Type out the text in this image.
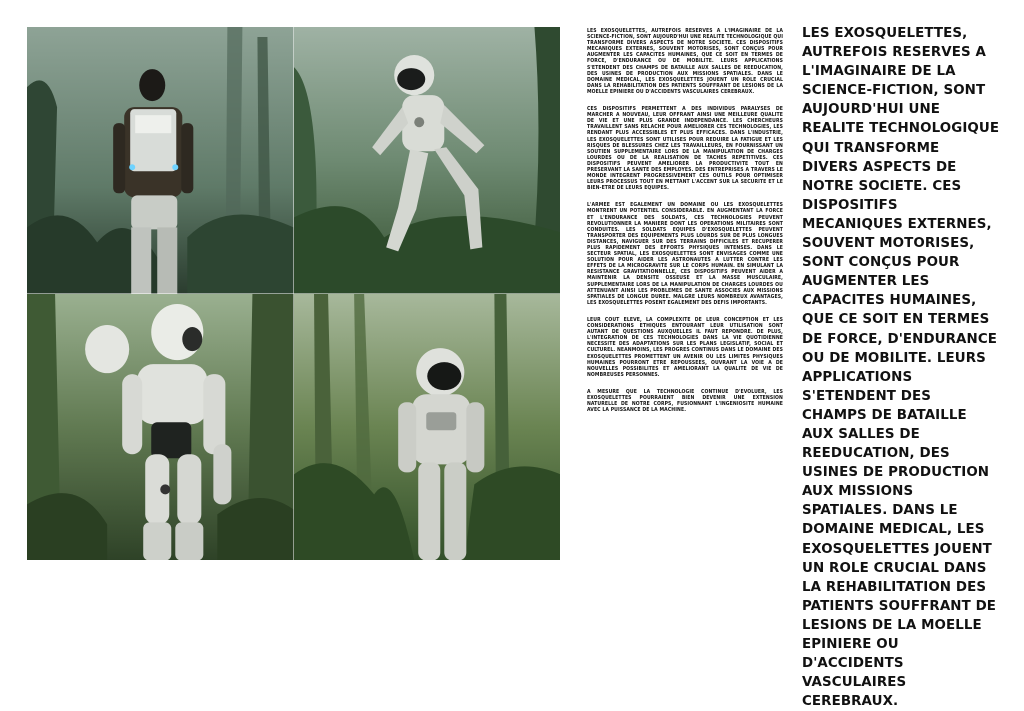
LES EXOSQUELETTES, AUTREFOIS RESERVES A L'IMAGINAIRE DE LA SCIENCE-FICTION, SONT AUJOURD'HUI UNE REALITE TECHNOLOGIQUE QUI TRANSFORME DIVERS ASPECTS DE NOTRE SOCIETE. CES DISPOSITIFS MECANIQUES EXTERNES, SOUVENT MOTORISES, SONT CONÇUS POUR AUGMENTER LES CAPACITES HUMAINES, QUE CE SOIT EN TERMES DE FORCE, D'ENDURANCE OU DE MOBILITE. LEURS APPLICATIONS S'ETENDENT DES CHAMPS DE BATAILLE AUX SALLES DE REEDUCATION, DES USINES DE PRODUCTION AUX MISSIONS SPATIALES. DANS LE DOMAINE MEDICAL, LES EXOSQUELETTES JOUENT UN ROLE CRUCIAL DANS LA REHABILITATION DES PATIENTS SOUFFRANT DE LESIONS DE LA MOELLE EPINIERE OU D'ACCIDENTS VASCULAIRES CEREBRAUX.

CES DISPOSITIFS PERMETTENT A DES INDIVIDUS PARALYSES DE MARCHER A NOUVEAU, LEUR OFFRANT AINSI UNE MEILLEURE QUALITE DE VIE ET UNE PLUS GRANDE INDEPENDANCE. LES CHERCHEURS TRAVAILLENT SANS RELACHE POUR AMELIORER CES TECHNOLOGIES, LES RENDANT PLUS ACCESSIBLES ET PLUS EFFICACES. DANS L'INDUSTRIE, LES EXOSQUELETTES SONT UTILISES POUR REDUIRE LA FATIGUE ET LES RISQUES DE BLESSURES CHEZ LES TRAVAILLEURS, EN FOURNISSANT UN SOUTIEN SUPPLEMENTAIRE LORS DE LA MANIPULATION DE CHARGES LOURDES OU DE LA REALISATION DE TACHES REPETITIVES. CES DISPOSITIFS PEUVENT AMELIORER LA PRODUCTIVITE TOUT EN PRESERVANT LA SANTE DES EMPLOYES. DES ENTREPRISES A TRAVERS LE MONDE INTEGRENT PROGRESSIVEMENT CES OUTILS POUR OPTIMISER LEURS PROCESSUS TOUT EN METTANT L'ACCENT SUR LA SECURITE ET LE BIEN-ETRE DE LEURS EQUIPES.

L'ARMEE EST EGALEMENT UN DOMAINE OU LES EXOSQUELETTES MONTRENT UN POTENTIEL CONSIDERABLE. EN AUGMENTANT LA FORCE ET L'ENDURANCE DES SOLDATS, CES TECHNOLOGIES PEUVENT REVOLUTIONNER LA MANIERE DONT LES OPERATIONS MILITAIRES SONT CONDUITES. LES SOLDATS EQUIPES D'EXOSQUELETTES PEUVENT TRANSPORTER DES EQUIPEMENTS PLUS LOURDS SUR DE PLUS LONGUES DISTANCES, NAVIGUER SUR DES TERRAINS DIFFICILES ET RECUPERER PLUS RAPIDEMENT DES EFFORTS PHYSIQUES INTENSES. DANS LE SECTEUR SPATIAL, LES EXOSQUELETTES SONT ENVISAGES COMME UNE SOLUTION POUR AIDER LES ASTRONAUTES A LUTTER CONTRE LES EFFETS DE LA MICROGRAVITE SUR LE CORPS HUMAIN. EN SIMULANT LA RESISTANCE GRAVITATIONNELLE, CES DISPOSITIFS PEUVENT AIDER A MAINTENIR LA DENSITE OSSEUSE ET LA MASSE MUSCULAIRE, SUPPLEMENTAIRE LORS DE LA MANIPULATION DE CHARGES LOURDES OU ATTENUANT AINSI LES PROBLEMES DE SANTE ASSOCIES AUX MISSIONS SPATIALES DE LONGUE DUREE. MALGRE LEURS NOMBREUX AVANTAGES, LES EXOSQUELETTES POSENT EGALEMENT DES DEFIS IMPORTANTS.

LEUR COUT ELEVE, LA COMPLEXITE DE LEUR CONCEPTION ET LES CONSIDERATIONS ETHIQUES ENTOURANT LEUR UTILISATION SONT AUTANT DE QUESTIONS AUXQUELLES IL FAUT REPONDRE. DE PLUS, L'INTEGRATION DE CES TECHNOLOGIES DANS LA VIE QUOTIDIENNE NECESSITE DES ADAPTATIONS SUR LES PLANS LEGISLATIF, SOCIAL ET CULTUREL. NEANMOINS, LES PROGRES CONTINUS DANS LE DOMAINE DES EXOSQUELETTES PROMETTENT UN AVENIR OU LES LIMITES PHYSIQUES HUMAINES POURRONT ETRE REPOUSSEES, OUVRANT LA VOIE A DE NOUVELLES POSSIBILITES ET AMELIORANT LA QUALITE DE VIE DE NOMBREUSES PERSONNES.

A MESURE QUE LA TECHNOLOGIE CONTINUE D'EVOLUER, LES EXOSQUELETTES POURRAIENT BIEN DEVENIR UNE EXTENSION NATURELLE DE NOTRE CORPS, FUSIONNANT L'INGENIOSITE HUMAINE AVEC LA PUISSANCE DE LA MACHINE.

LES EXOSQUELETTES, AUTREFOIS RESERVES A L'IMAGINAIRE DE LA SCIENCE-FICTION, SONT AUJOURD'HUI UNE REALITE TECHNOLOGIQUE QUI TRANSFORME DIVERS ASPECTS DE NOTRE SOCIETE. CES DISPOSITIFS MECANIQUES EXTERNES, SOUVENT MOTORISES, SONT CONÇUS POUR AUGMENTER LES CAPACITES HUMAINES, QUE CE SOIT EN TERMES DE FORCE, D'ENDURANCE OU DE MOBILITE. LEURS APPLICATIONS S'ETENDENT DES CHAMPS DE BATAILLE AUX SALLES DE REEDUCATION, DES USINES DE PRODUCTION AUX MISSIONS SPATIALES. DANS LE DOMAINE MEDICAL, LES EXOSQUELETTES JOUENT UN ROLE CRUCIAL DANS LA REHABILITATION DES PATIENTS SOUFFRANT DE LESIONS DE LA MOELLE EPINIERE OU D'ACCIDENTS VASCULAIRES CEREBRAUX.
